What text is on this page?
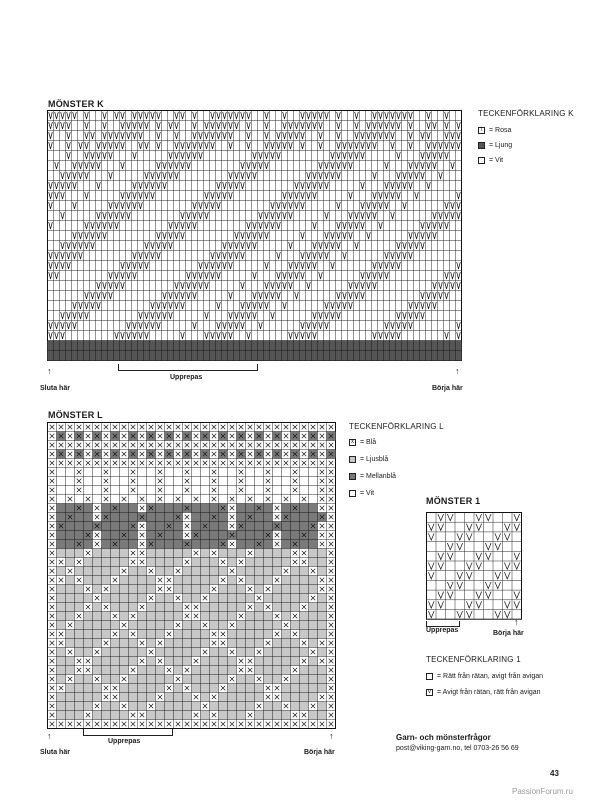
MÖNSTER K
Upprepas
↑
Sluta här
↑
Börja här
TECKENFÖRKLARING K
\ = Rosa
= Ljung
= Vit
MÖNSTER L
Upprepas
↑
Sluta här
↑
Börja här
TECKENFÖRKLARING L
x = Blå
= Ljusblå
= Mellanblå
= Vit
MÖNSTER 1
Upprepas
↑
Börja här
TECKENFÖRKLARING 1
= Rätt från rätan, avigt från avigan
v = Avigt från rätan, rätt från avigan
Garn- och mönsterfrågor
post@viking-garn.no, tel 0703-26 56 69
43
PassionForum.ru
